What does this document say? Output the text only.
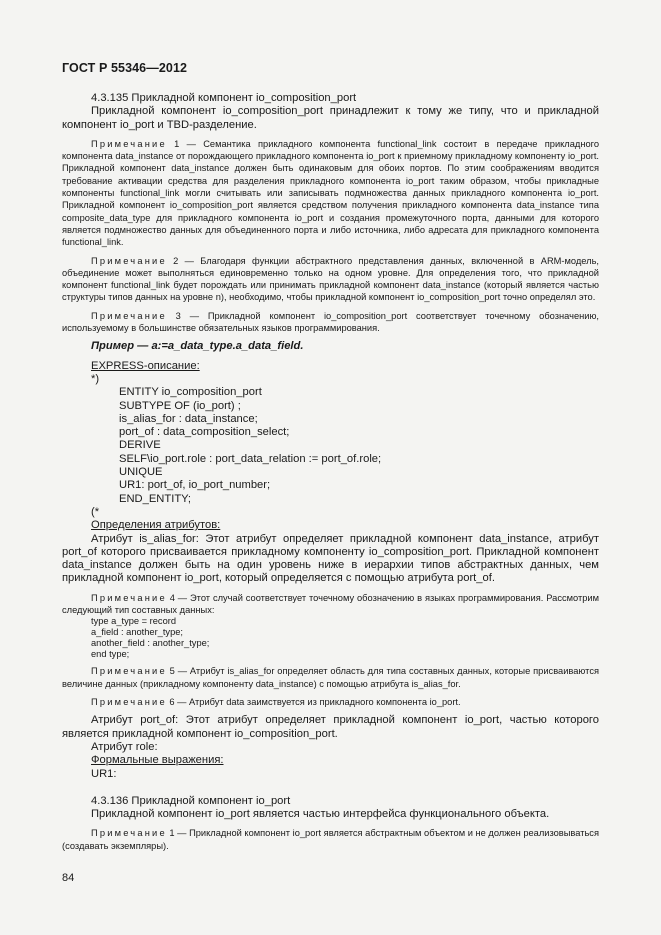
ГОСТ Р 55346—2012

4.3.135 Прикладной компонент io_composition_port

Прикладной компонент io_composition_port принадлежит к тому же типу, что и прикладной компонент io_port и TBD-разделение.

Примечание 1 — Семантика прикладного компонента functional_link состоит в передаче прикладного компонента data_instance от порождающего прикладного компонента io_port к приемному прикладному компоненту io_port. Прикладной компонент data_instance должен быть одинаковым для обоих портов. По этим соображениям вводится требование активации средства для разделения прикладного компонента io_port таким образом, чтобы прикладные компоненты functional_link могли считывать или записывать подмножества данных прикладного компонента io_port. Прикладной компонент io_composition_port является средством получения прикладного компонента data_instance типа composite_data_type для прикладного компонента io_port и создания промежуточного порта, данными для которого является подмножество данных для объединенного порта и либо источника, либо адресата для прикладного компонента functional_link.

Примечание 2 — Благодаря функции абстрактного представления данных, включенной в ARM-модель, объединение может выполняться единовременно только на одном уровне. Для определения того, что прикладной компонент functional_link будет порождать или принимать прикладной компонент data_instance (который является частью структуры типов данных на уровне n), необходимо, чтобы прикладной компонент io_composition_port точно определял это.

Примечание 3 — Прикладной компонент io_composition_port соответствует точечному обозначению, используемому в большинстве обязательных языков программирования.

Пример — a:=a_data_type.a_data_field.

EXPRESS-описание:

*)

ENTITY io_composition_port

SUBTYPE OF (io_port) ;

is_alias_for : data_instance;

port_of : data_composition_select;

DERIVE

SELF\io_port.role : port_data_relation := port_of.role;

UNIQUE

UR1: port_of, io_port_number;

END_ENTITY;

(*

Определения атрибутов:

Атрибут is_alias_for: Этот атрибут определяет прикладной компонент data_instance, атрибут port_of которого присваивается прикладному компоненту io_composition_port. Прикладной компонент data_instance должен быть на один уровень ниже в иерархии типов абстрактных данных, чем прикладной компонент io_port, который определяется с помощью атрибута port_of.

Примечание 4 — Этот случай соответствует точечному обозначению в языках программирования. Рассмотрим следующий тип составных данных:

type a_type = record

a_field : another_type;

another_field : another_type;

end type;

Примечание 5 — Атрибут is_alias_for определяет область для типа составных данных, которые присваиваются величине данных (прикладному компоненту data_instance) с помощью атрибута is_alias_for.

Примечание 6 — Атрибут data заимствуется из прикладного компонента io_port.

Атрибут port_of: Этот атрибут определяет прикладной компонент io_port, частью которого является прикладной компонент io_composition_port.

Атрибут role:

Формальные выражения:

UR1:

4.3.136 Прикладной компонент io_port

Прикладной компонент io_port является частью интерфейса функционального объекта.

Примечание 1 — Прикладной компонент io_port является абстрактным объектом и не должен реализовываться (создавать экземпляры).

84
